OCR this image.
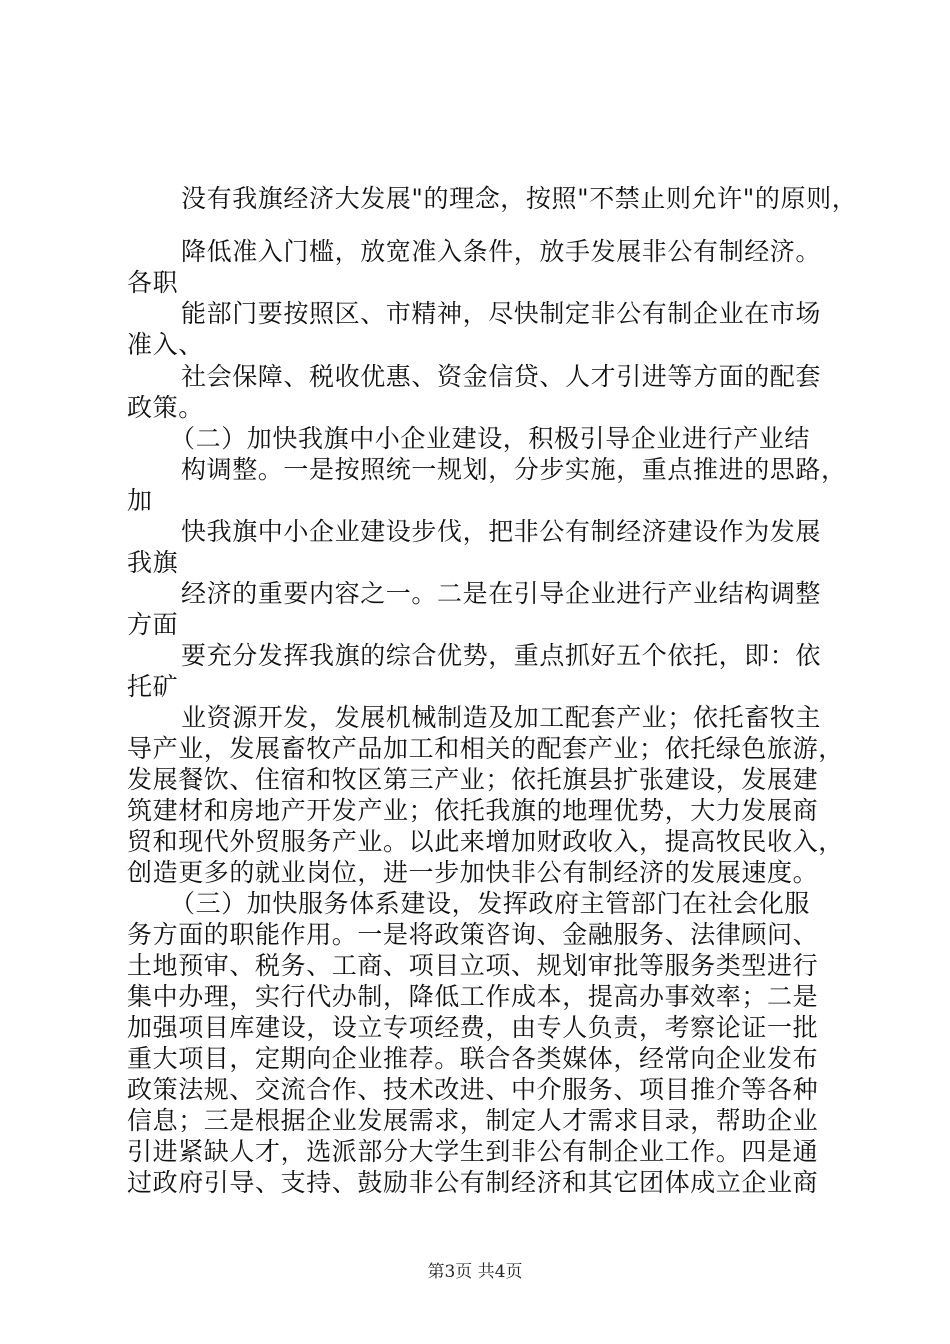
没有我旗经济大发展"的理念，按照"不禁止则允许"的原则，
降低准入门槛，放宽准入条件，放手发展非公有制经济。
各职
能部门要按照区、市精神，尽快制定非公有制企业在市场
准入、
社会保障、税收优惠、资金信贷、人才引进等方面的配套
政策。
（二）加快我旗中小企业建设，积极引导企业进行产业结
构调整。一是按照统一规划，分步实施，重点推进的思路，
加
快我旗中小企业建设步伐，把非公有制经济建设作为发展
我旗
经济的重要内容之一。二是在引导企业进行产业结构调整
方面
要充分发挥我旗的综合优势，重点抓好五个依托，即：依
托矿
业资源开发，发展机械制造及加工配套产业；依托畜牧主
导产业，发展畜牧产品加工和相关的配套产业；依托绿色旅游，
发展餐饮、住宿和牧区第三产业；依托旗县扩张建设，发展建
筑建材和房地产开发产业；依托我旗的地理优势，大力发展商
贸和现代外贸服务产业。以此来增加财政收入，提高牧民收入，
创造更多的就业岗位，进一步加快非公有制经济的发展速度。
（三）加快服务体系建设，发挥政府主管部门在社会化服
务方面的职能作用。一是将政策咨询、金融服务、法律顾问、
土地预审、税务、工商、项目立项、规划审批等服务类型进行
集中办理，实行代办制，降低工作成本，提高办事效率；二是
加强项目库建设，设立专项经费，由专人负责，考察论证一批
重大项目，定期向企业推荐。联合各类媒体，经常向企业发布
政策法规、交流合作、技术改进、中介服务、项目推介等各种
信息；三是根据企业发展需求，制定人才需求目录，帮助企业
引进紧缺人才，选派部分大学生到非公有制企业工作。四是通
过政府引导、支持、鼓励非公有制经济和其它团体成立企业商
第3页 共4页
